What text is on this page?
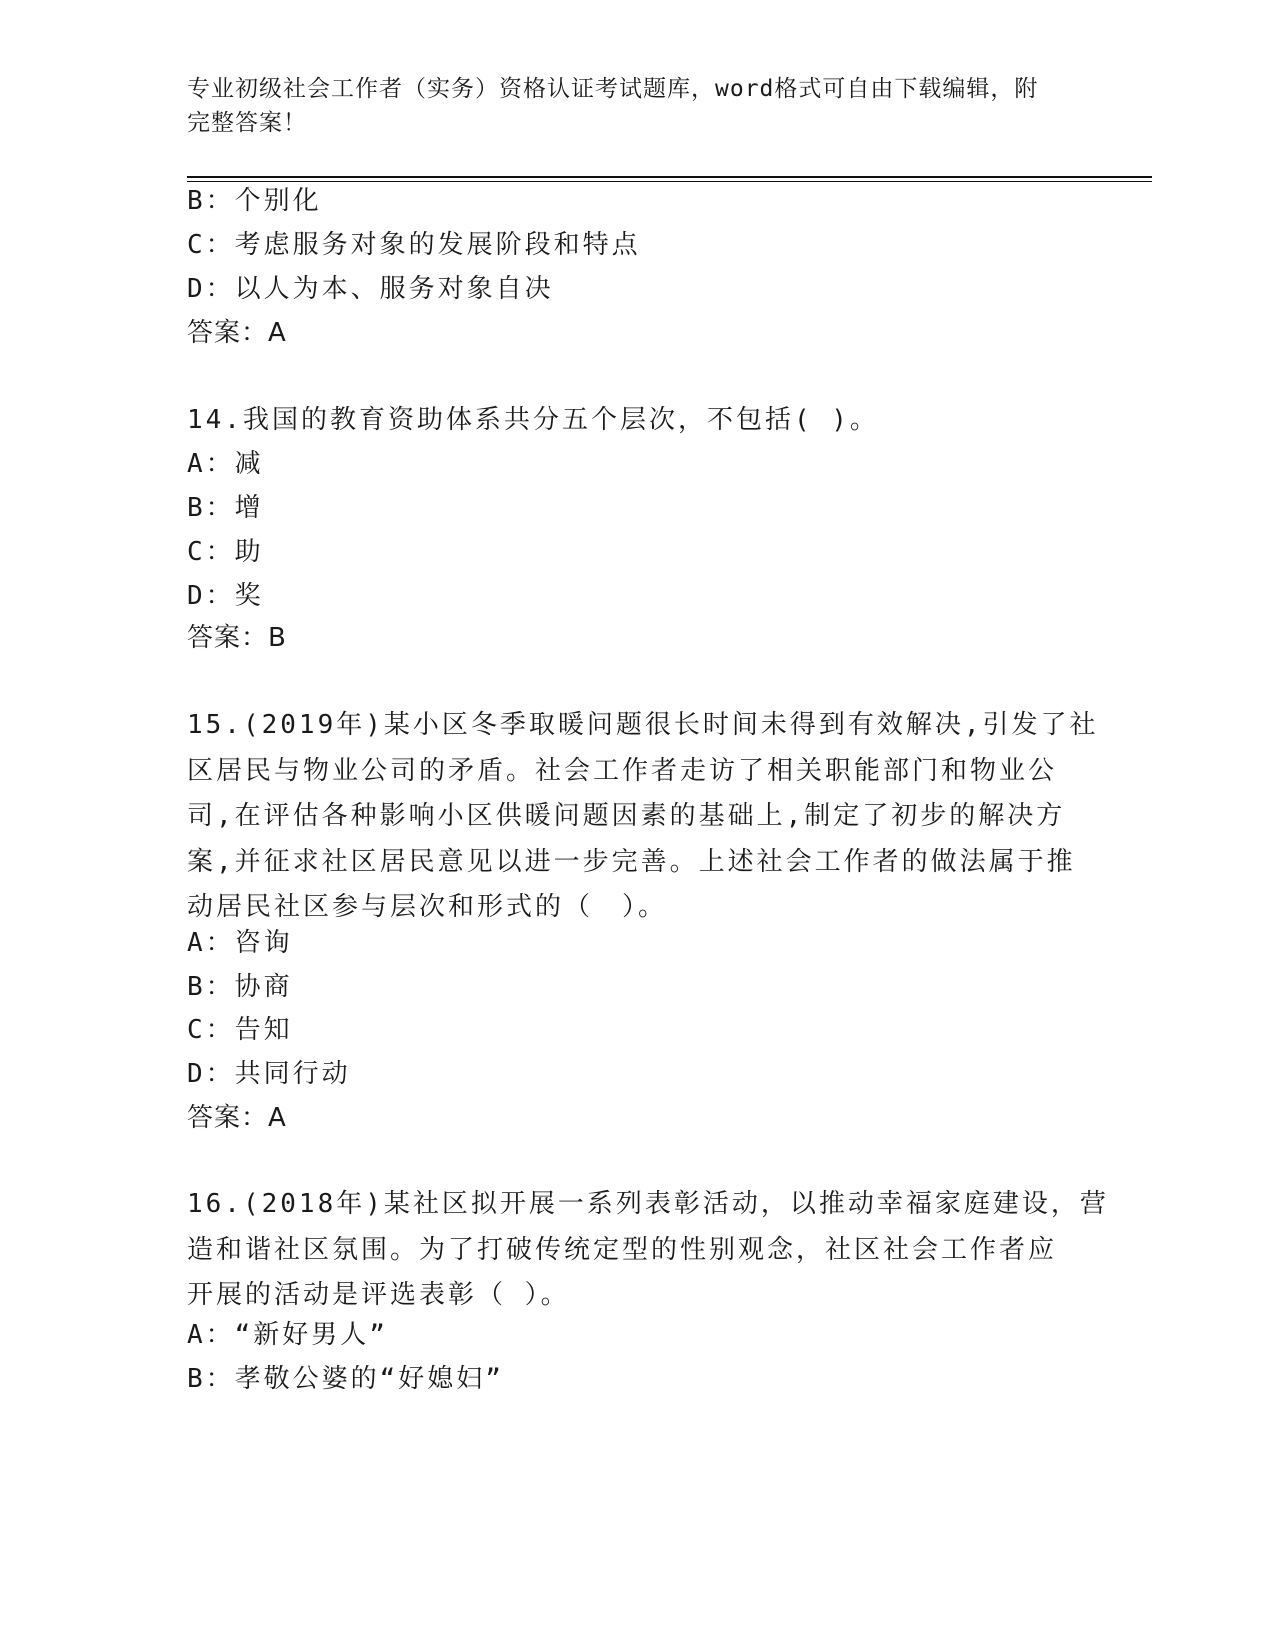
专业初级社会工作者（实务）资格认证考试题库，word格式可自由下载编辑，附
完整答案！
B：个别化
C：考虑服务对象的发展阶段和特点
D：以人为本、服务对象自决
答案：A
14.我国的教育资助体系共分五个层次，不包括( )。
A：减
B：增
C：助
D：奖
答案：B
15.(2019年)某小区冬季取暖问题很长时间未得到有效解决,引发了社
区居民与物业公司的矛盾。社会工作者走访了相关职能部门和物业公
司,在评估各种影响小区供暖问题因素的基础上,制定了初步的解决方
案,并征求社区居民意见以进一步完善。上述社会工作者的做法属于推
动居民社区参与层次和形式的（　）。
A：咨询
B：协商
C：告知
D：共同行动
答案：A
16.(2018年)某社区拟开展一系列表彰活动，以推动幸福家庭建设，营
造和谐社区氛围。为了打破传统定型的性别观念，社区社会工作者应
开展的活动是评选表彰（ ）。
A：“新好男人”
B：孝敬公婆的“好媳妇”
